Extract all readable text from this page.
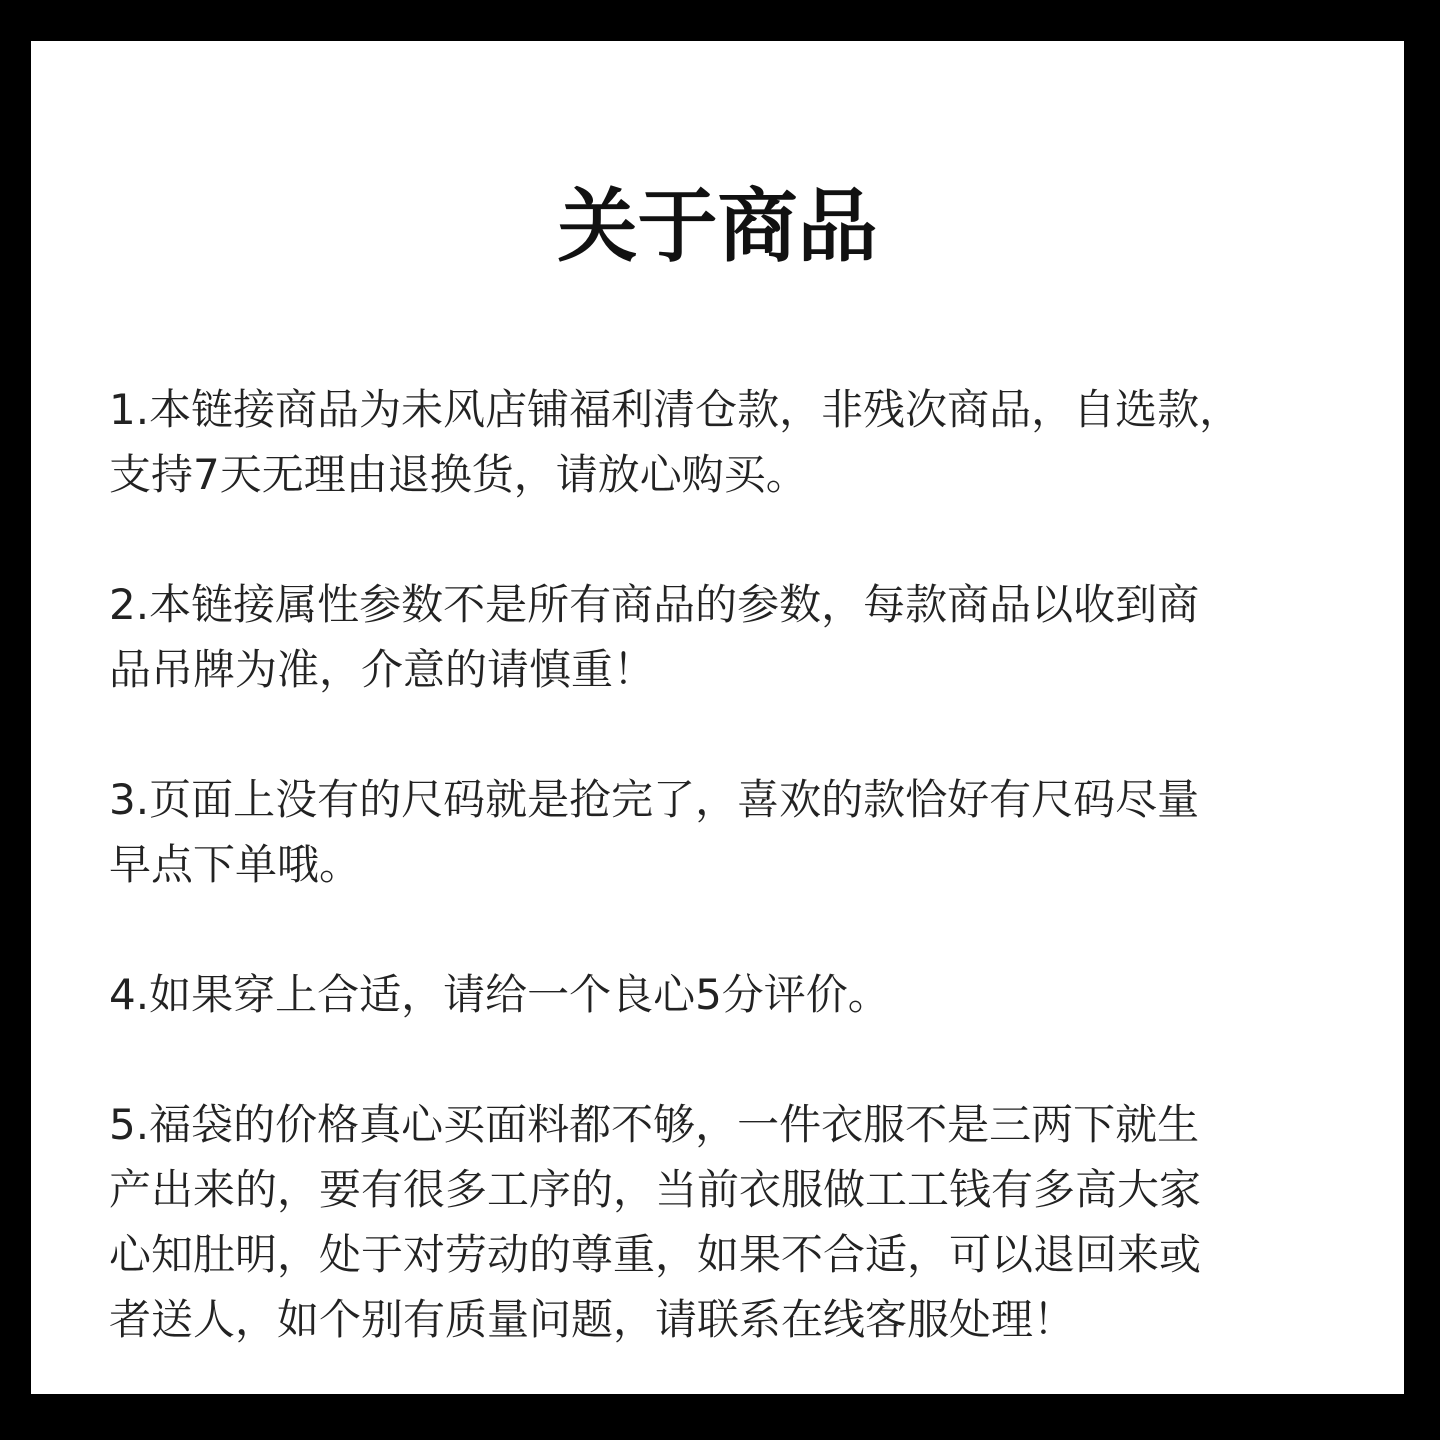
关于商品

1.本链接商品为未风店铺福利清仓款，非残次商品，自选款，
支持7天无理由退换货，请放心购买。

2.本链接属性参数不是所有商品的参数，每款商品以收到商
品吊牌为准，介意的请慎重！

3.页面上没有的尺码就是抢完了，喜欢的款恰好有尺码尽量
早点下单哦。

4.如果穿上合适，请给一个良心5分评价。

5.福袋的价格真心买面料都不够，一件衣服不是三两下就生
产出来的，要有很多工序的，当前衣服做工工钱有多高大家
心知肚明，处于对劳动的尊重，如果不合适，可以退回来或
者送人，如个别有质量问题，请联系在线客服处理！
